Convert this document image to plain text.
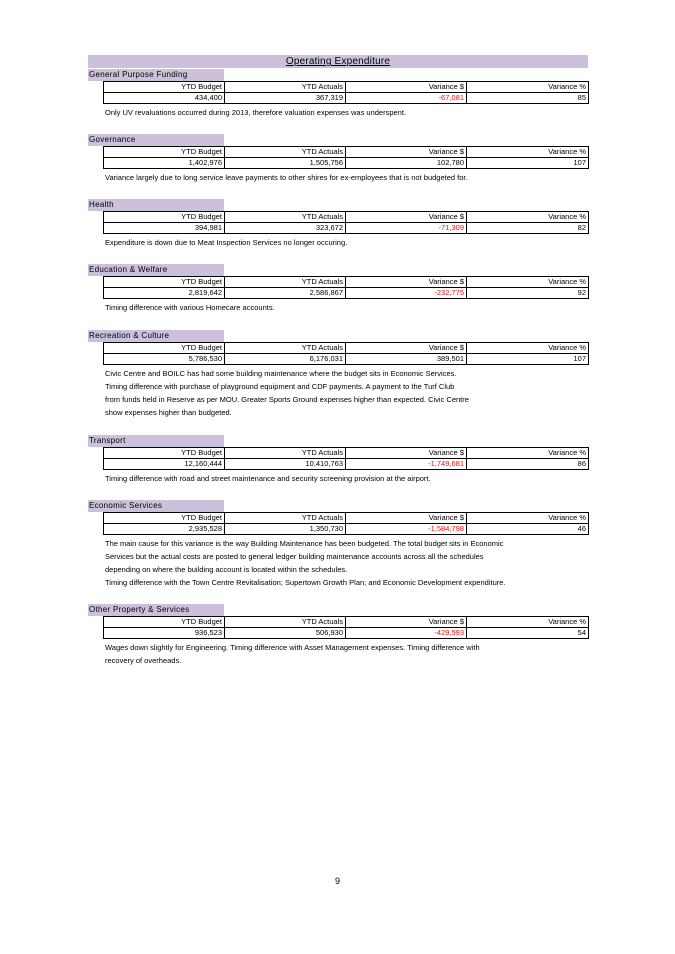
Operating Expenditure
General Purpose Funding
YTD Budget	YTD Actuals	Variance $	Variance %
434,400	367,319	-67,081	85
Only UV revaluations occurred during 2013, therefore valuation expenses was underspent.
Governance
YTD Budget	YTD Actuals	Variance $	Variance %
1,402,976	1,505,756	102,780	107
Variance largely due to long service leave payments to other shires for ex-employees that is not budgeted for.
Health
YTD Budget	YTD Actuals	Variance $	Variance %
394,981	323,672	-71,309	82
Expenditure is down due to Meat Inspection Services no longer occuring.
Education & Welfare
YTD Budget	YTD Actuals	Variance $	Variance %
2,819,642	2,586,867	-232,775	92
Timing difference with various Homecare accounts.
Recreation & Culture
YTD Budget	YTD Actuals	Variance $	Variance %
5,786,530	6,176,031	389,501	107
Civic Centre and BOILC has had some building maintenance where the budget sits in Economic Services.
Timing difference with purchase of playground equipment and CDF payments. A payment to the Turf Club
from funds held in Reserve as per MOU. Greater Sports Ground expenses higher than expected. Civic Centre
show expenses higher than budgeted.
Transport
YTD Budget	YTD Actuals	Variance $	Variance %
12,160,444	10,410,763	-1,749,681	86
Timing difference with road and street maintenance and security screening provision at the airport.
Economic Services
YTD Budget	YTD Actuals	Variance $	Variance %
2,935,528	1,350,730	-1,584,798	46
The main cause for this variance is the way Building Maintenance has been budgeted. The total budget sits in Economic
Services but the actual costs are posted to general ledger building maintenance accounts across all the schedules
depending on where the building account is located within the schedules.
Timing difference with the Town Centre Revitalisation; Supertown Growth Plan; and Economic Development expenditure.
Other Property & Services
YTD Budget	YTD Actuals	Variance $	Variance %
936,523	506,930	-429,593	54
Wages down slightly for Engineering. Timing difference with Asset Management expenses. Timing difference with
recovery of overheads.
9
